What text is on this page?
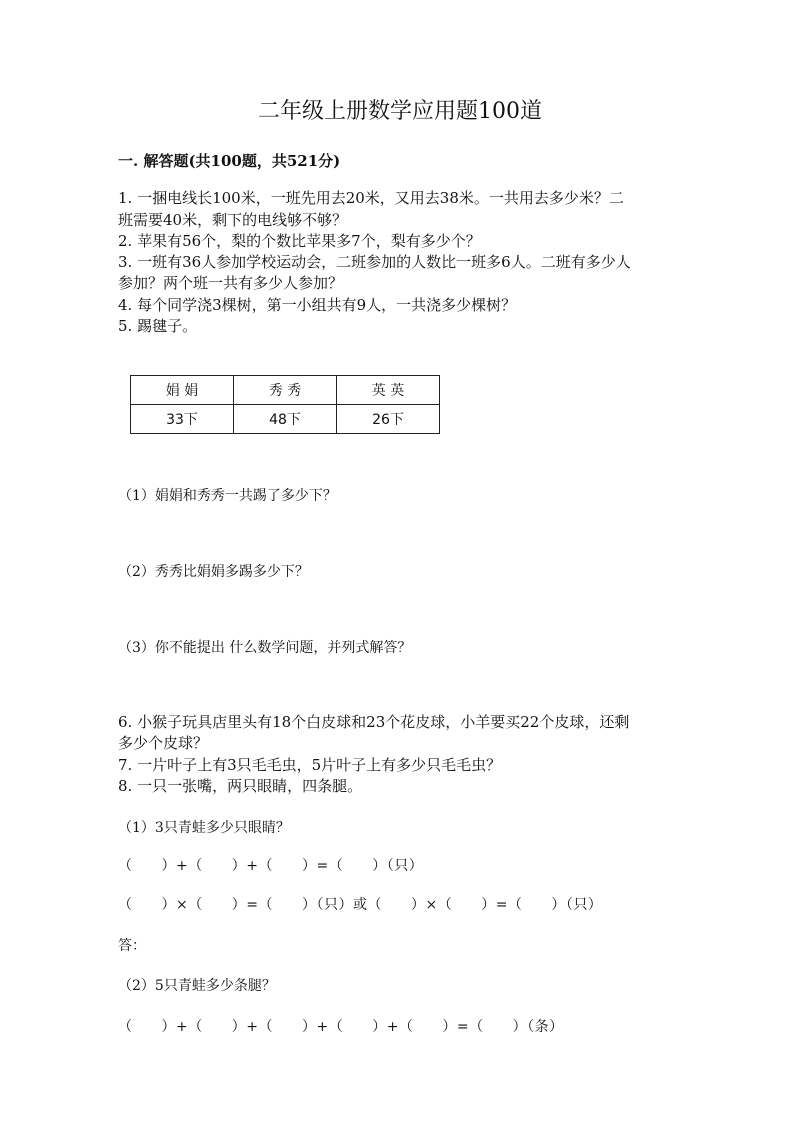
二年级上册数学应用题100道
一. 解答题(共100题，共521分)
1. 一捆电线长100米，一班先用去20米，又用去38米。一共用去多少米？二
班需要40米，剩下的电线够不够？
2. 苹果有56个，梨的个数比苹果多7个，梨有多少个？
3. 一班有36人参加学校运动会，二班参加的人数比一班多6人。二班有多少人
参加？两个班一共有多少人参加？
4. 每个同学浇3棵树，第一小组共有9人，一共浇多少棵树？
5. 踢毽子。
娟 娟	秀 秀	英 英
33下	48下	26下
（1）娟娟和秀秀一共踢了多少下？
（2）秀秀比娟娟多踢多少下？
（3）你不能提出 什么数学问题，并列式解答？
6. 小猴子玩具店里头有18个白皮球和23个花皮球，小羊要买22个皮球，还剩
多少个皮球？
7. 一片叶子上有3只毛毛虫，5片叶子上有多少只毛毛虫？
8. 一只一张嘴，两只眼睛，四条腿。
（1）3只青蛙多少只眼睛？
（　　）+（　　）+（　　）=（　　）（只）
（　　）×（　　）=（　　）（只）或（　　）×（　　）=（　　）（只）
答：
（2）5只青蛙多少条腿？
（　　）+（　　）+（　　）+（　　）+（　　）=（　　）（条）
